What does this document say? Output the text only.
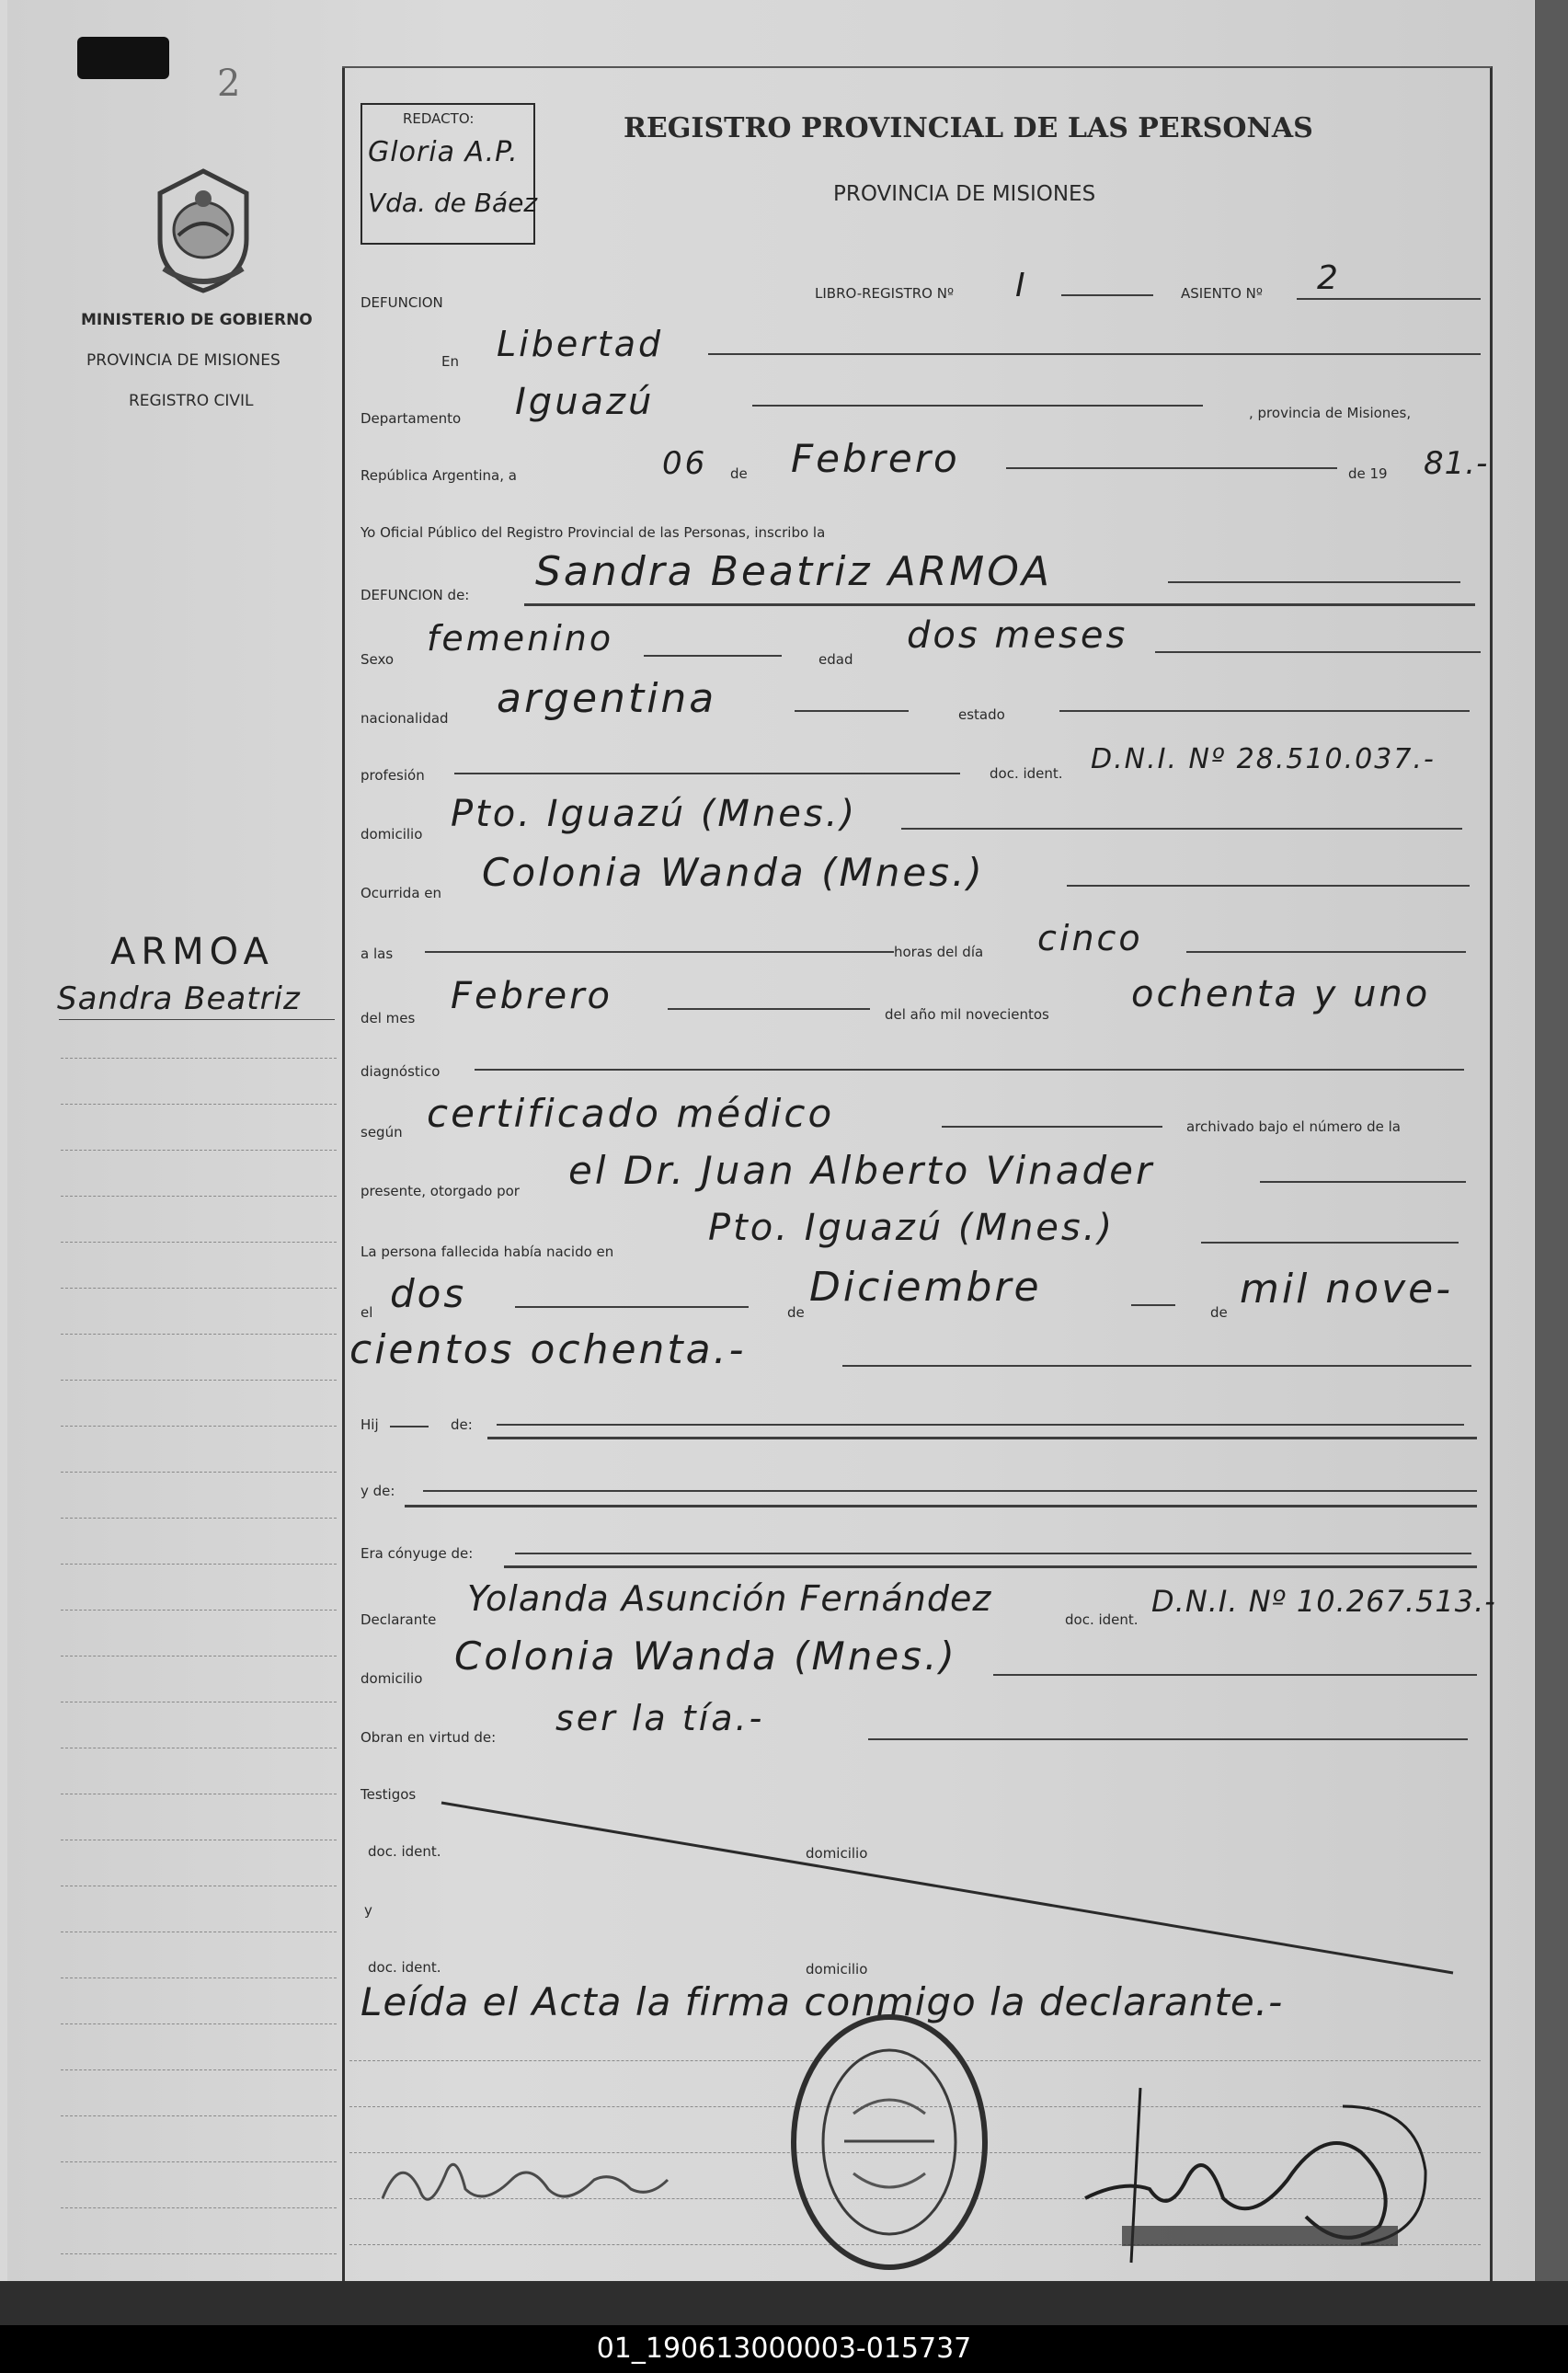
2
MINISTERIO DE GOBIERNO
PROVINCIA DE MISIONES
REGISTRO CIVIL
ARMOA
Sandra Beatriz
REDACTO:
Gloria A.P.
Vda. de Báez
REGISTRO PROVINCIAL DE LAS PERSONAS
PROVINCIA DE MISIONES
DEFUNCION
LIBRO-REGISTRO Nº I	ASIENTO Nº 2
En Libertad
Departamento Iguazú	, provincia de Misiones,
República Argentina, a	06 de Febrero	de 19 81.-
Yo Oficial Público del Registro Provincial de las Personas, inscribo la
DEFUNCION de: Sandra Beatriz ARMOA
Sexo
femenino
edad
dos meses
nacionalidad argentina	estado
profesión	doc. ident. D.N.I. Nº 28.510.037.-
domicilio Pto. Iguazú (Mnes.)
Ocurrida en Colonia Wanda (Mnes.)
a las	horas del día cinco
del mes
Febrero	del año mil novecientos ochenta y uno
diagnóstico
según certificado médico	archivado bajo el número de la
presente, otorgado por el Dr. Juan Alberto Vinader
La persona fallecida había nacido en
Pto. Iguazú (Mnes.)
el dos	de
Diciembre
de mil nove-
cientos ochenta.-
Hij	de:
y de:
Era cónyuge de:
Declarante
Yolanda Asunción Fernández
doc. ident.
D.N.I. Nº 10.267.513.-
domicilio Colonia Wanda (Mnes.)
Obran en virtud de: ser la tía.-
Testigos
doc. ident.	domicilio
y
doc. ident.	domicilio
Leída el Acta la firma conmigo la declarante.-
01_190613000003-015737
